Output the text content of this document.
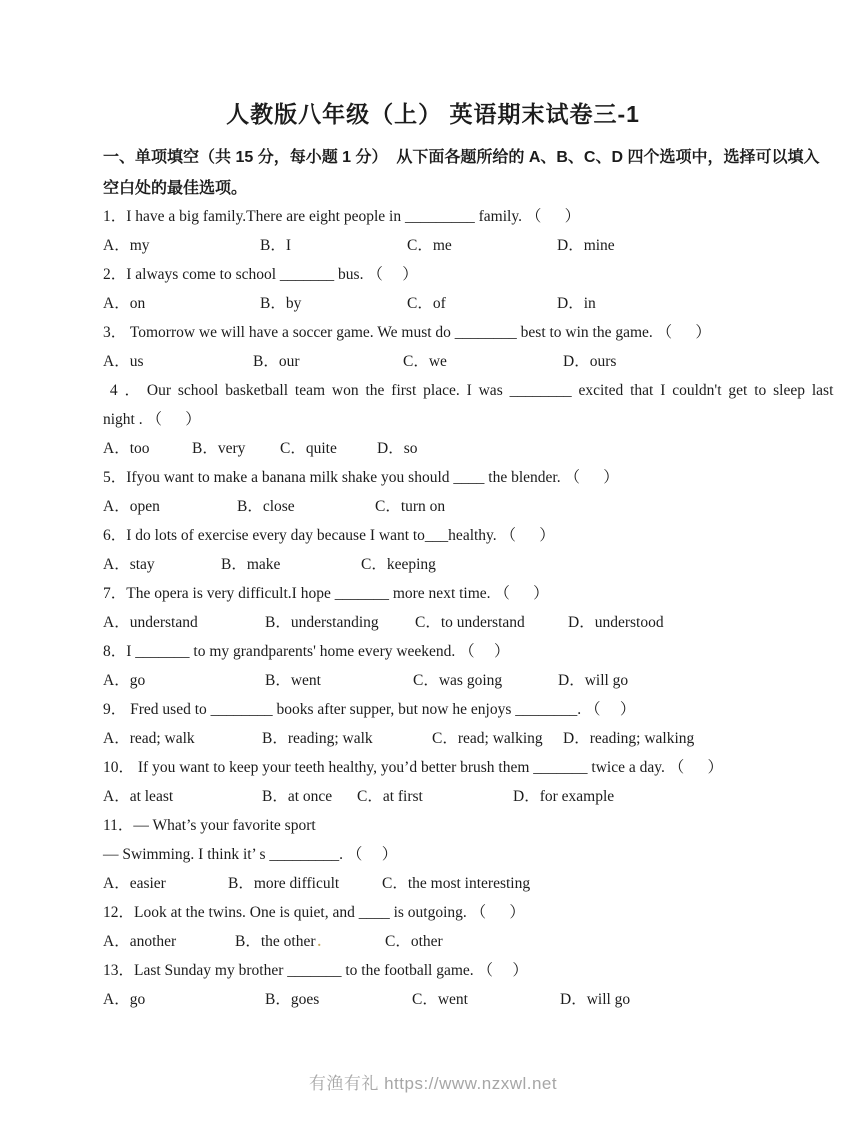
人教版八年级（上） 英语期末试卷三-1
一、单项填空（共 15 分，每小题 1 分）  从下面各题所给的 A、B、C、D 四个选项中，选择可以填入
空白处的最佳选项。
1．I have a big family.There are eight people in _________ family. （      ）
A．my	B．I	C．me	D．mine
2．I always come to school _______ bus. （     ）
A．on	B．by	C．of	D．in
3． Tomorrow we will have a soccer game. We must do ________ best to win the game. （      ）
A．us	B．our	C．we	D．ours
4 ． Our school basketball team won the first place. I was ________ excited that I couldn't get to sleep last
night . （      ）
A．too	B．very C．quite	D．so
5．Ifyou want to make a banana milk shake you should ____ the blender. （      ）
A．open	B．close	C．turn on
6．I do lots of exercise every day because I want to___healthy. （      ）
A．stay	B．make	C．keeping
7．The opera is very difficult.I hope _______ more next time. （      ）
A．understand	B．understanding C．to understand	D．understood
8．I _______ to my grandparents' home every weekend. （     ）
A．go	B．went	C．was going	D．will go
9． Fred used to ________ books after supper, but now he enjoys ________. （     ）
A．read; walk	B．reading; walk	C．read; walking D．reading; walking
10． If you want to keep your teeth healthy, you’d better brush them _______ twice a day. （      ）
A．at least	B．at once C．at first	D．for example
11．— What’s your favorite sport
— Swimming. I think it’ s _________. （     ）
A．easier	B．more difficult	C．the most interesting
12．Look at the twins. One is quiet, and ____ is outgoing. （      ）
A．another	B．the other .	C．other
13．Last Sunday my brother _______ to the football game. （     ）
A．go	B．goes	C．went	D．will go
有渔有礼 https://www.nzxwl.net
